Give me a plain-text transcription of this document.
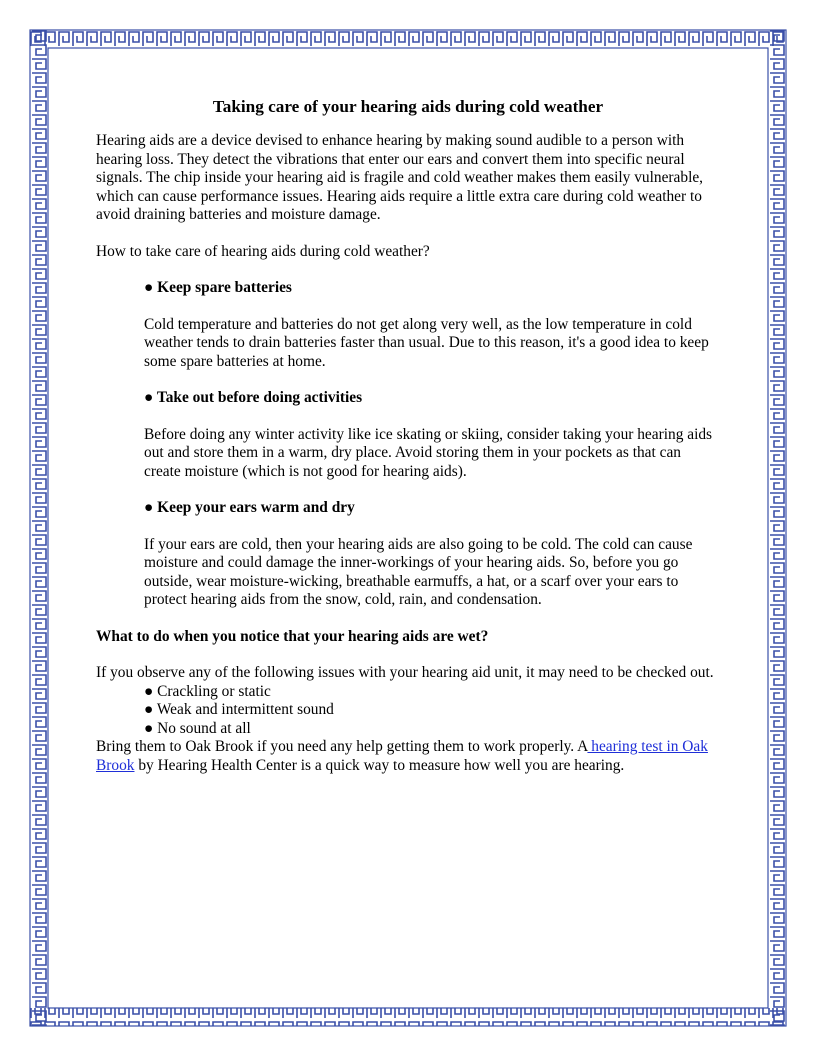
Taking care of your hearing aids during cold weather

Hearing aids are a device devised to enhance hearing by making sound audible to a person with hearing loss. They detect the vibrations that enter our ears and convert them into specific neural signals. The chip inside your hearing aid is fragile and cold weather makes them easily vulnerable, which can cause performance issues. Hearing aids require a little extra care during cold weather to avoid draining batteries and moisture damage.

How to take care of hearing aids during cold weather?

● Keep spare batteries

Cold temperature and batteries do not get along very well, as the low temperature in cold weather tends to drain batteries faster than usual. Due to this reason, it's a good idea to keep some spare batteries at home.

● Take out before doing activities

Before doing any winter activity like ice skating or skiing, consider taking your hearing aids out and store them in a warm, dry place. Avoid storing them in your pockets as that can create moisture (which is not good for hearing aids).

● Keep your ears warm and dry

If your ears are cold, then your hearing aids are also going to be cold. The cold can cause moisture and could damage the inner-workings of your hearing aids. So, before you go outside, wear moisture-wicking, breathable earmuffs, a hat, or a scarf over your ears to protect hearing aids from the snow, cold, rain, and condensation.

What to do when you notice that your hearing aids are wet?

If you observe any of the following issues with your hearing aid unit, it may need to be checked out.

● Crackling or static

● Weak and intermittent sound

● No sound at all

Bring them to Oak Brook if you need any help getting them to work properly. A hearing test in Oak Brook by Hearing Health Center is a quick way to measure how well you are hearing.
